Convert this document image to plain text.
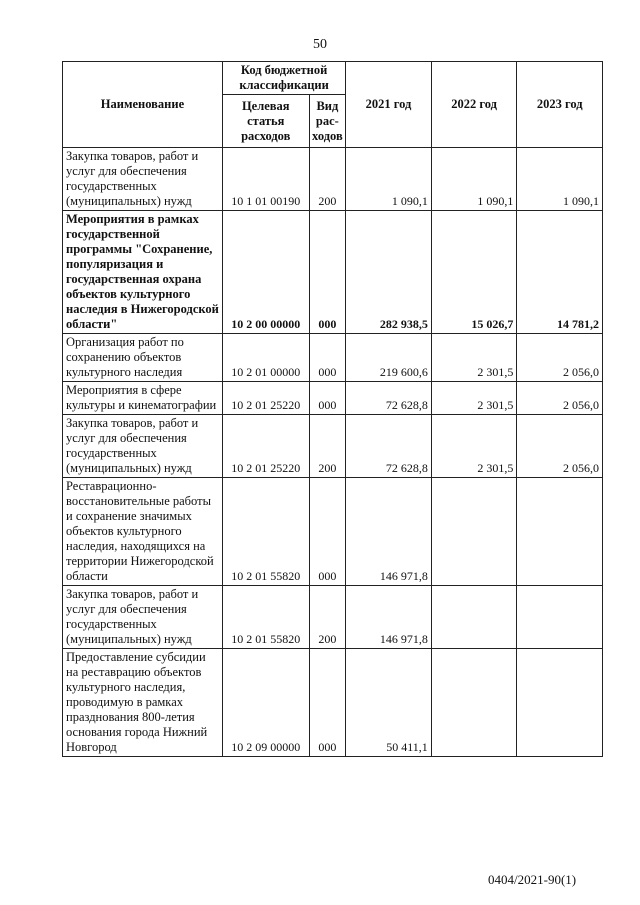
50
Наименование	Код бюджетной классификации		2021 год	2022 год	2023 год
	Целевая статья расходов	Вид рас-ходов			
Закупка товаров, работ и услуг для обеспечения государственных (муниципальных) нужд	10 1 01 00190	200	1 090,1	1 090,1	1 090,1
Мероприятия в рамках государственной программы "Сохранение, популяризация и государственная охрана объектов культурного наследия в Нижегородской области"	10 2 00 00000	000	282 938,5	15 026,7	14 781,2
Организация работ по сохранению объектов культурного наследия	10 2 01 00000	000	219 600,6	2 301,5	2 056,0
Мероприятия в сфере культуры и кинематографии	10 2 01 25220	000	72 628,8	2 301,5	2 056,0
Закупка товаров, работ и услуг для обеспечения государственных (муниципальных) нужд	10 2 01 25220	200	72 628,8	2 301,5	2 056,0
Реставрационно-восстановительные работы и сохранение значимых объектов культурного наследия, находящихся на территории Нижегородской области	10 2 01 55820	000	146 971,8		
Закупка товаров, работ и услуг для обеспечения государственных (муниципальных) нужд	10 2 01 55820	200	146 971,8		
Предоставление субсидии на реставрацию объектов культурного наследия, проводимую в рамках празднования 800-летия основания города Нижний Новгород	10 2 09 00000	000	50 411,1		
0404/2021-90(1)
